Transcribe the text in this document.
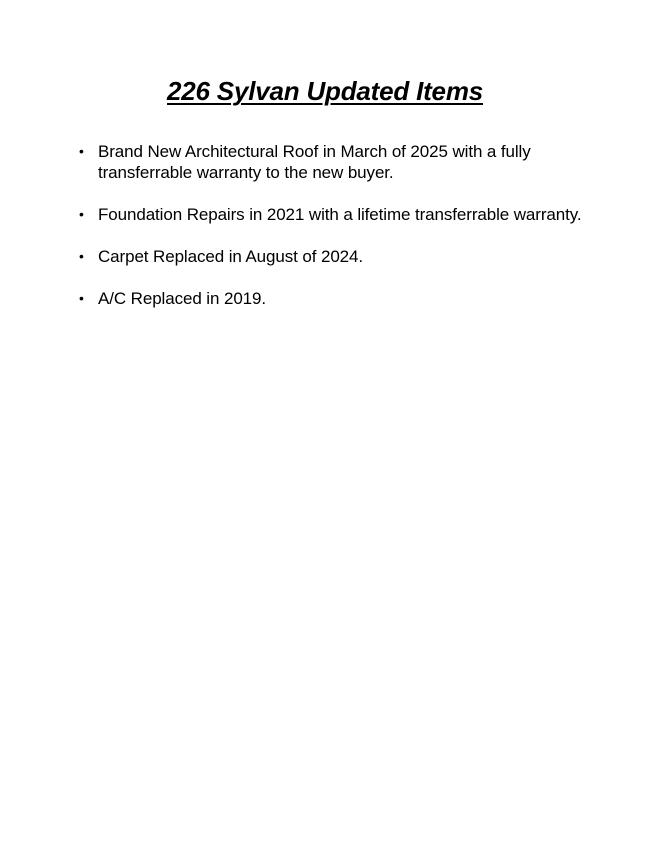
226 Sylvan Updated Items
• Brand New Architectural Roof in March of 2025 with a fully transferrable warranty to the new buyer.
• Foundation Repairs in 2021 with a lifetime transferrable warranty.
• Carpet Replaced in August of 2024.
• A/C Replaced in 2019.
